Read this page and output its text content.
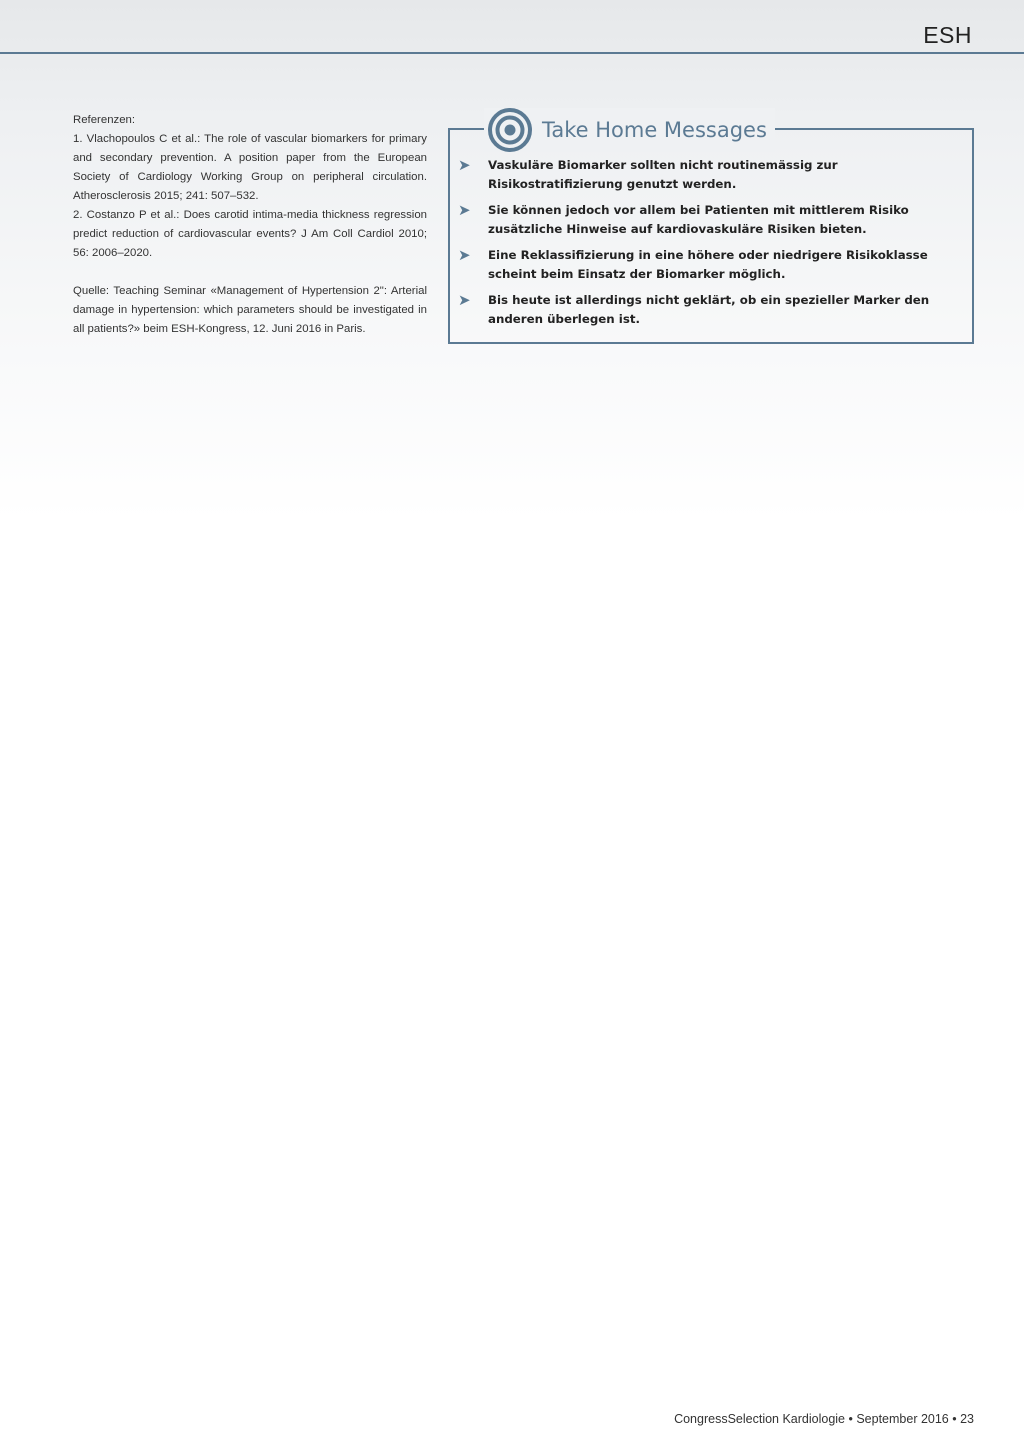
ESH

Referenzen:

1. Vlachopoulos C et al.: The role of vascular biomarkers for primary and secondary prevention. A position paper from the European Society of Cardiology Working Group on peripheral circulation. Atherosclerosis 2015; 241: 507–532.

2. Costanzo P et al.: Does carotid intima-media thickness regression predict reduction of cardiovascular events? J Am Coll Cardiol 2010; 56: 2006–2020.

Quelle: Teaching Seminar «Management of Hypertension 2": Arterial damage in hypertension: which parameters should be investigated in all patients?» beim ESH-Kongress, 12. Juni 2016 in Paris.

Take Home Messages
➤	Vaskuläre Biomarker sollten nicht routinemässig zur Risikostratifizierung genutzt werden.
➤	Sie können jedoch vor allem bei Patienten mit mittlerem Risiko zusätzliche Hinweise auf kardiovaskuläre Risiken bieten.
➤	Eine Reklassifizierung in eine höhere oder niedrigere Risikoklasse scheint beim Einsatz der Biomarker möglich.
➤	Bis heute ist allerdings nicht geklärt, ob ein spezieller Marker den anderen überlegen ist.
CongressSelection Kardiologie • September 2016 • 23
